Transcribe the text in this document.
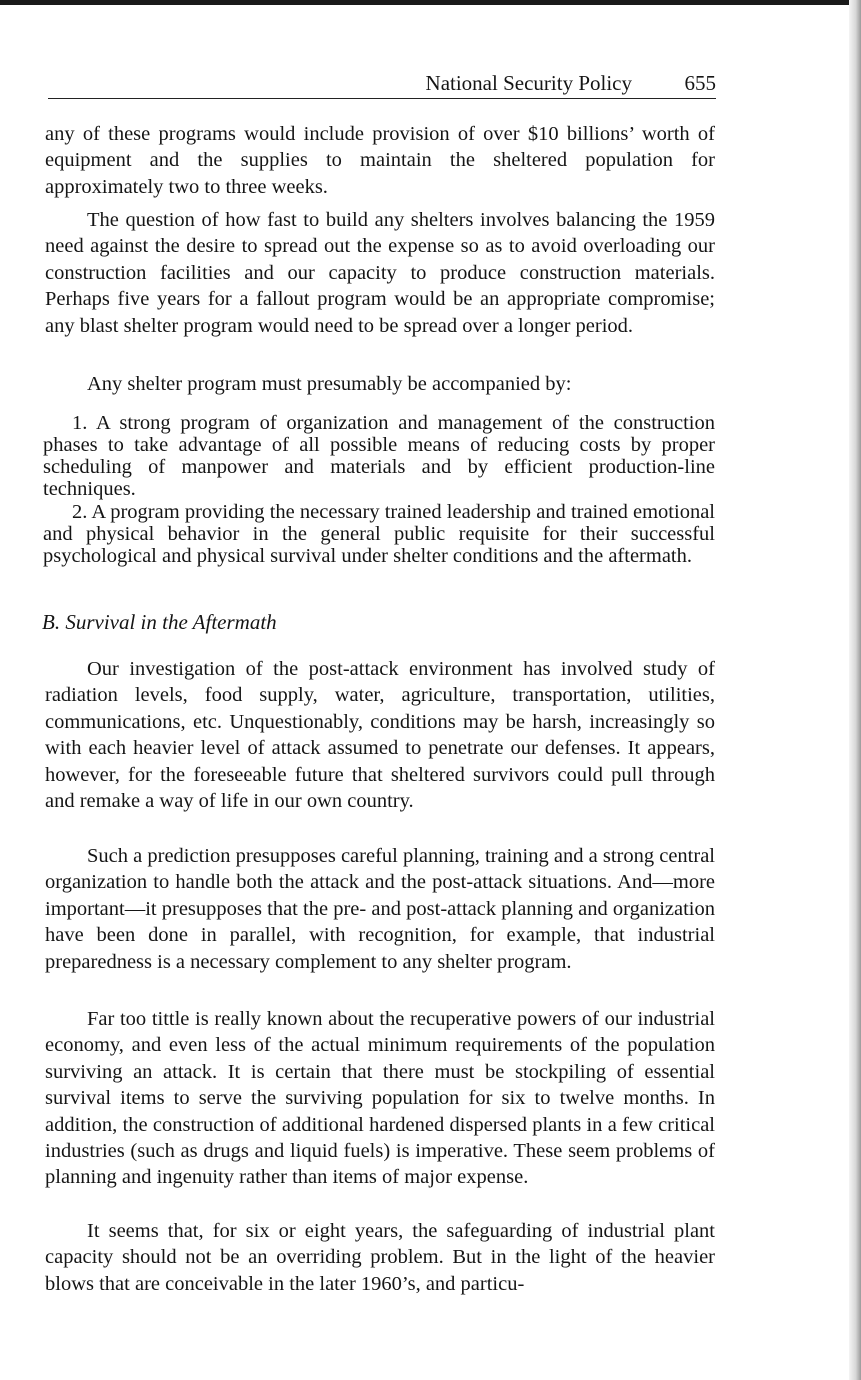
National Security Policy	655

any of these programs would include provision of over $10 billions’ worth of equipment and the supplies to maintain the sheltered population for approximately two to three weeks.

The question of how fast to build any shelters involves balancing the 1959 need against the desire to spread out the expense so as to avoid overloading our construction facilities and our capacity to produce construction materials. Perhaps five years for a fallout program would be an appropriate compromise; any blast shelter program would need to be spread over a longer period.

Any shelter program must presumably be accompanied by:

1. A strong program of organization and management of the construction phases to take advantage of all possible means of reducing costs by proper scheduling of manpower and materials and by efficient production-line techniques.

2. A program providing the necessary trained leadership and trained emotional and physical behavior in the general public requisite for their successful psychological and physical survival under shelter conditions and the aftermath.

B. Survival in the Aftermath

Our investigation of the post-attack environment has involved study of radiation levels, food supply, water, agriculture, transportation, utilities, communications, etc. Unquestionably, conditions may be harsh, increasingly so with each heavier level of attack assumed to penetrate our defenses. It appears, however, for the foreseeable future that sheltered survivors could pull through and remake a way of life in our own country.

Such a prediction presupposes careful planning, training and a strong central organization to handle both the attack and the post-attack situations. And—more important—it presupposes that the pre- and post-attack planning and organization have been done in parallel, with recognition, for example, that industrial preparedness is a necessary complement to any shelter program.

Far too tittle is really known about the recuperative powers of our industrial economy, and even less of the actual minimum requirements of the population surviving an attack. It is certain that there must be stockpiling of essential survival items to serve the surviving population for six to twelve months. In addition, the construction of additional hardened dispersed plants in a few critical industries (such as drugs and liquid fuels) is imperative. These seem problems of planning and ingenuity rather than items of major expense.

It seems that, for six or eight years, the safeguarding of industrial plant capacity should not be an overriding problem. But in the light of the heavier blows that are conceivable in the later 1960’s, and particu-
